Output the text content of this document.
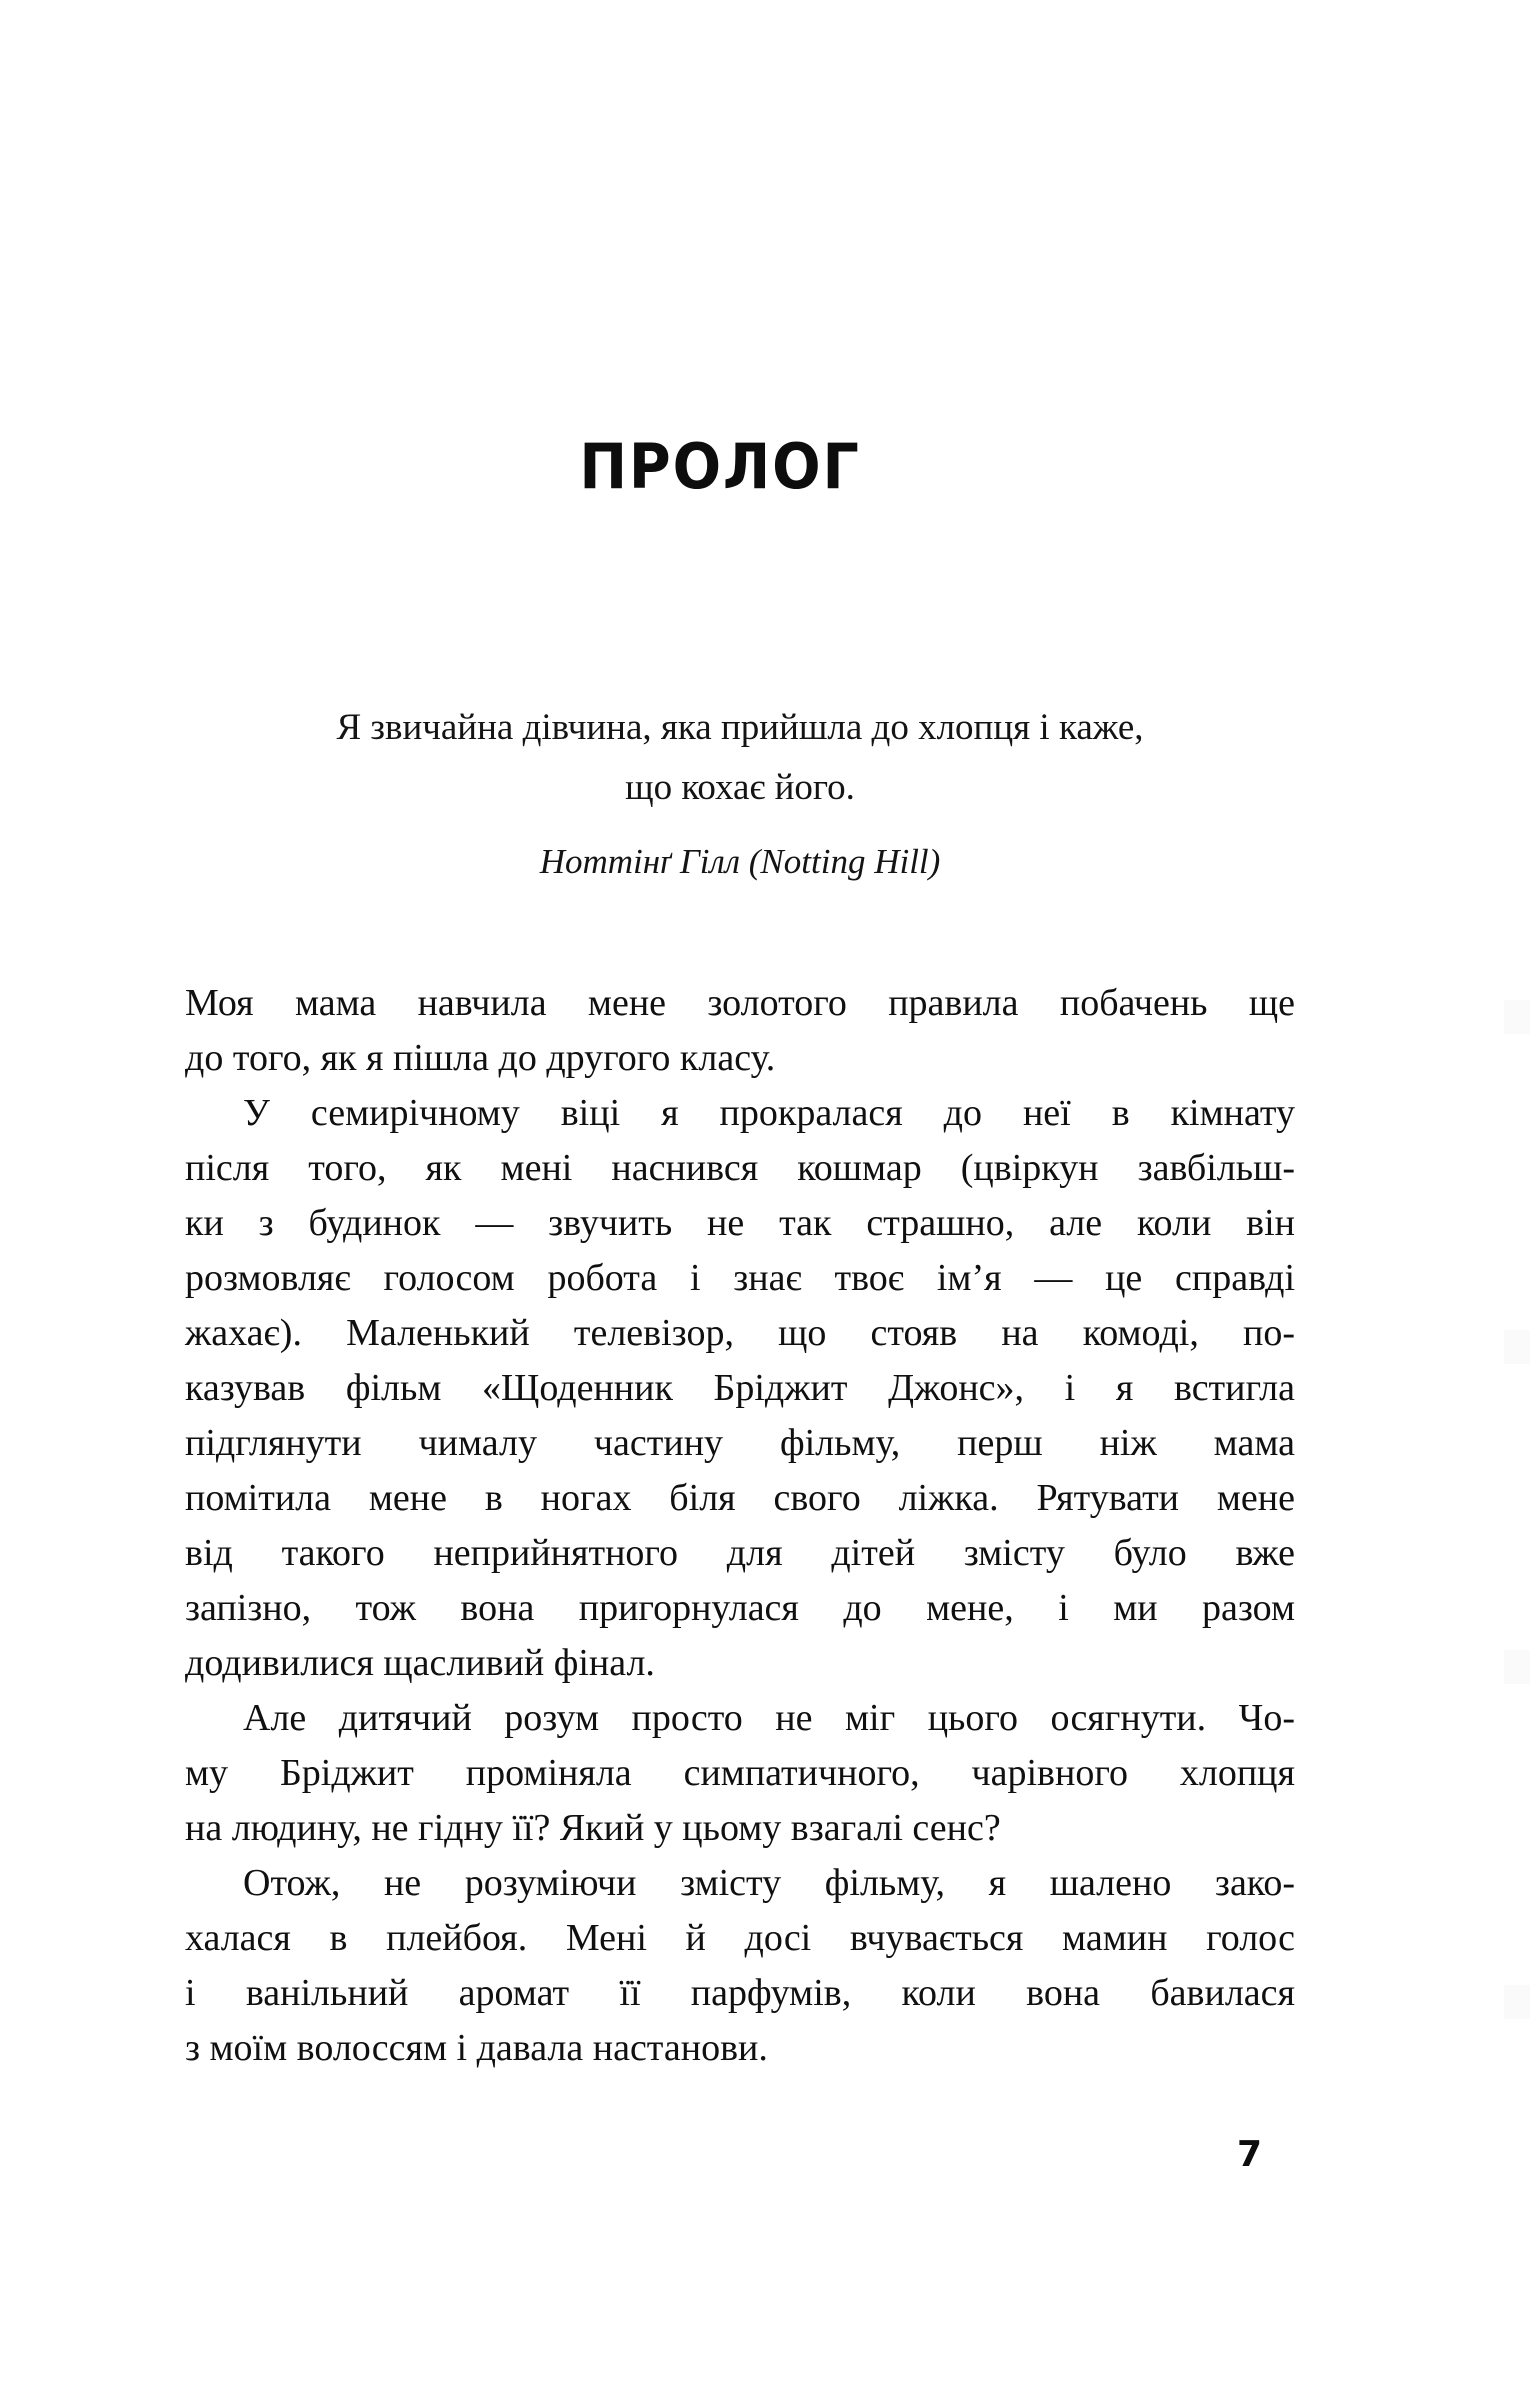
ПРОЛОГ
Я звичайна дівчина, яка прийшла до хлопця і каже,
що кохає його.
Ноттінґ Гілл (Notting Hill)
Моя мама навчила мене золотого правила побачень ще
до того, як я пішла до другого класу.
У семирічному віці я прокралася до неї в кімнату
після того, як мені наснився кошмар (цвіркун завбільш-
ки з будинок — звучить не так страшно, але коли він
розмовляє голосом робота і знає твоє ім’я — це справді
жахає). Маленький телевізор, що стояв на комоді, по-
казував фільм «Щоденник Бріджит Джонс», і я встигла
підглянути чималу частину фільму, перш ніж мама
помітила мене в ногах біля свого ліжка. Рятувати мене
від такого неприйнятного для дітей змісту було вже
запізно, тож вона пригорнулася до мене, і ми разом
додивилися щасливий фінал.
Але дитячий розум просто не міг цього осягнути. Чо-
му Бріджит проміняла симпатичного, чарівного хлопця
на людину, не гідну її? Який у цьому взагалі сенс?
Отож, не розуміючи змісту фільму, я шалено зако-
халася в плейбоя. Мені й досі вчувається мамин голос
і ванільний аромат її парфумів, коли вона бавилася
з моїм волоссям і давала настанови.
7
